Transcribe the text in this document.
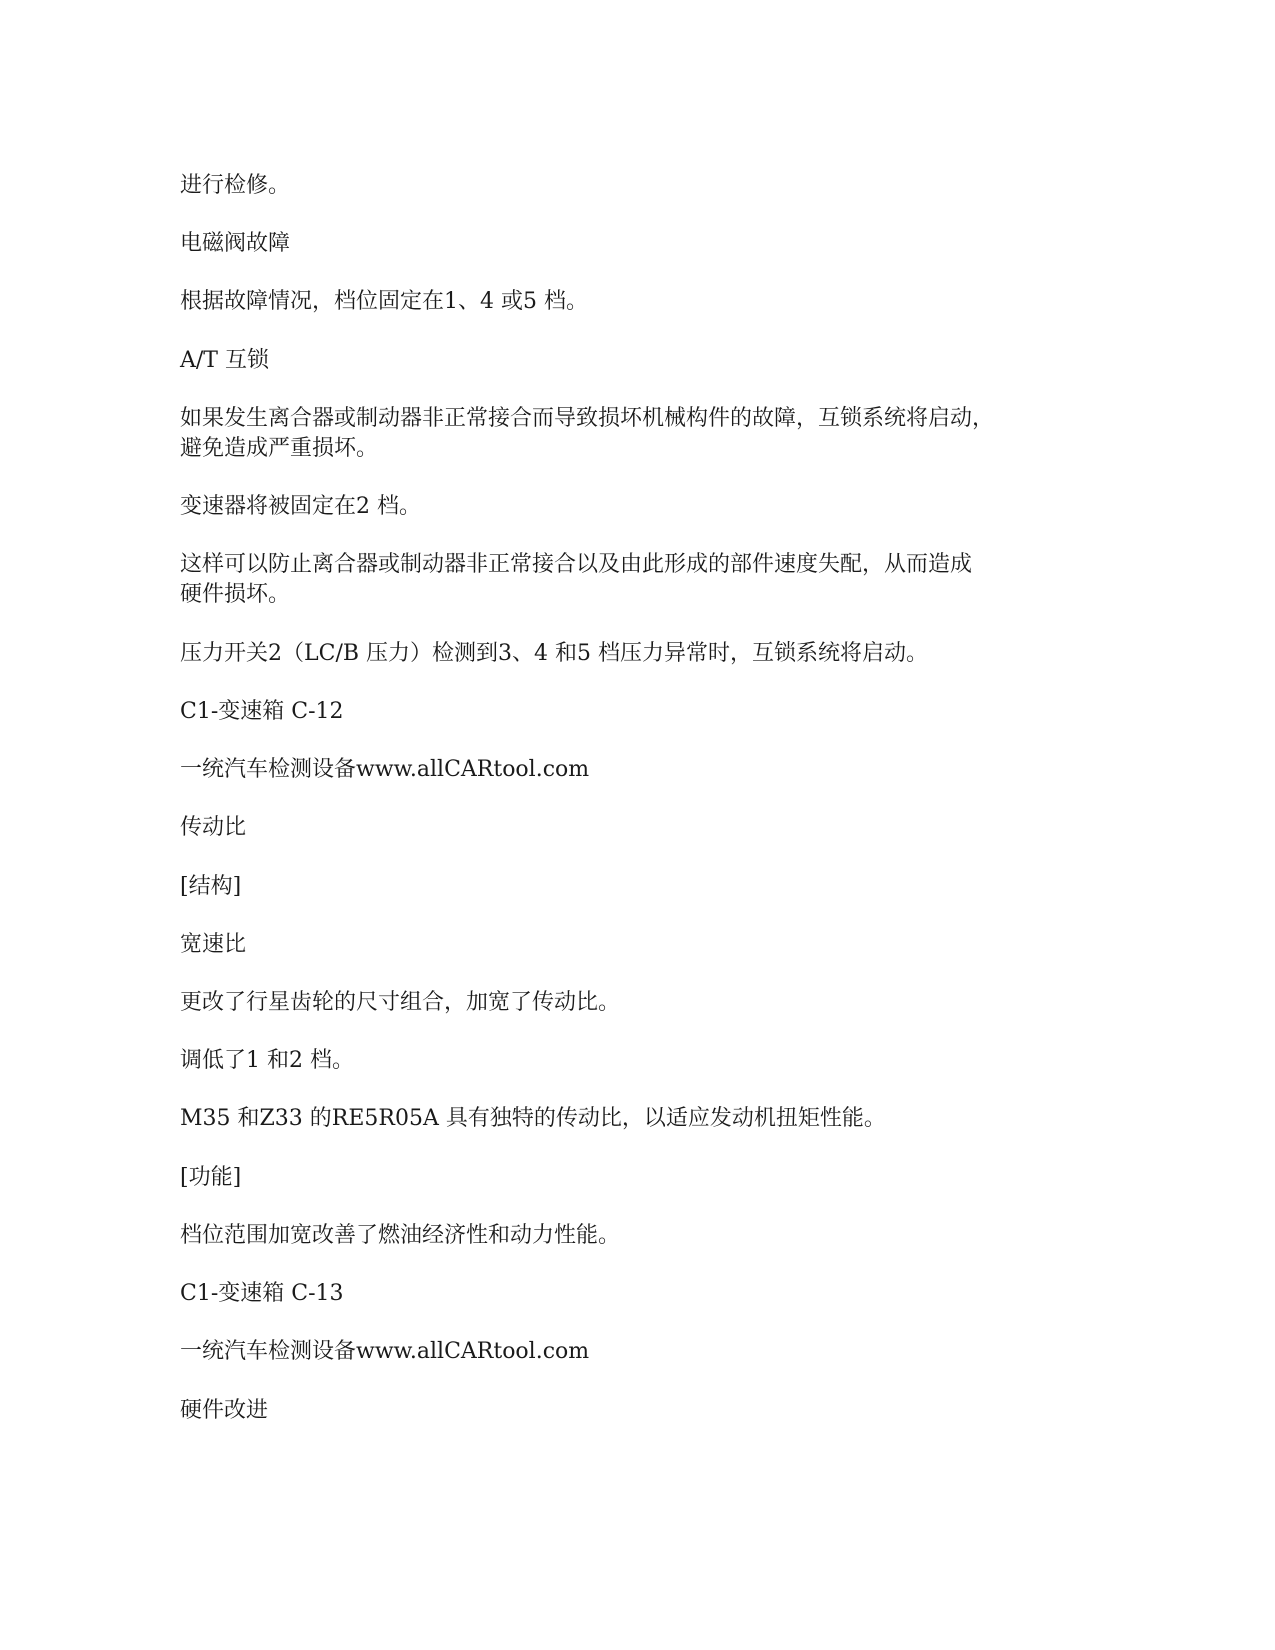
进行检修。

电磁阀故障

根据故障情况，档位固定在1、4 或5 档。

A/T 互锁

如果发生离合器或制动器非正常接合而导致损坏机械构件的故障，互锁系统将启动，

避免造成严重损坏。

变速器将被固定在2 档。

这样可以防止离合器或制动器非正常接合以及由此形成的部件速度失配，从而造成

硬件损坏。

压力开关2（LC/B 压力）检测到3、4 和5 档压力异常时，互锁系统将启动。

C1-变速箱 C-12

一统汽车检测设备www.allCARtool.com

传动比

[结构]

宽速比

更改了行星齿轮的尺寸组合，加宽了传动比。

调低了1 和2 档。

M35 和Z33 的RE5R05A 具有独特的传动比，以适应发动机扭矩性能。

[功能]

档位范围加宽改善了燃油经济性和动力性能。

C1-变速箱 C-13

一统汽车检测设备www.allCARtool.com

硬件改进
